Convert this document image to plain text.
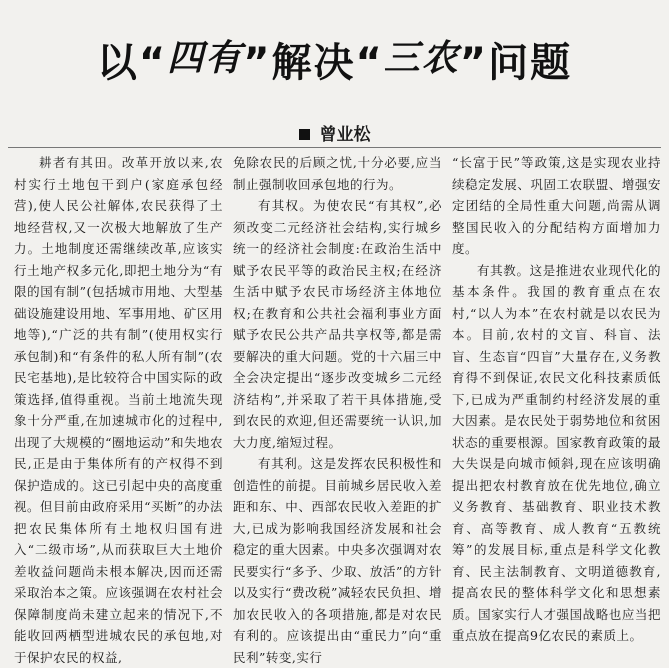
以“四有”解决“三农”问题
曾业松

耕者有其田。改革开放以来,农村实行土地包干到户(家庭承包经营),使人民公社解体,农民获得了土地经营权,又一次极大地解放了生产力。土地制度还需继续改革,应该实行土地产权多元化,即把土地分为“有限的国有制”(包括城市用地、大型基础设施建设用地、军事用地、矿区用地等),“广泛的共有制”(使用权实行承包制)和“有条件的私人所有制”(农民宅基地),是比较符合中国实际的政策选择,值得重视。当前土地流失现象十分严重,在加速城市化的过程中,出现了大规模的“圈地运动”和失地农民,正是由于集体所有的产权得不到保护造成的。这已引起中央的高度重视。但目前由政府采用“买断”的办法把农民集体所有土地权归国有进入“二级市场”,从而获取巨大土地价差收益问题尚未根本解决,因而还需采取治本之策。应该强调在农村社会保障制度尚未建立起来的情况下,不能收回两栖型进城农民的承包地,对于保护农民的权益,

免除农民的后顾之忧,十分必要,应当制止强制收回承包地的行为。

有其权。为使农民“有其权”,必须改变二元经济社会结构,实行城乡统一的经济社会制度:在政治生活中赋予农民平等的政治民主权;在经济生活中赋予农民市场经济主体地位权;在教育和公共社会福利事业方面赋予农民公共产品共享权等,都是需要解决的重大问题。党的十六届三中全会决定提出“逐步改变城乡二元经济结构”,并采取了若干具体措施,受到农民的欢迎,但还需要统一认识,加大力度,缩短过程。

有其利。这是发挥农民积极性和创造性的前提。目前城乡居民收入差距和东、中、西部农民收入差距的扩大,已成为影响我国经济发展和社会稳定的重大因素。中央多次强调对农民要实行“多予、少取、放活”的方针以及实行“费改税”减轻农民负担、增加农民收入的各项措施,都是对农民有利的。应该提出由“重民力”向“重民利”转变,实行

“长富于民”等政策,这是实现农业持续稳定发展、巩固工农联盟、增强安定团结的全局性重大问题,尚需从调整国民收入的分配结构方面增加力度。

有其教。这是推进农业现代化的基本条件。我国的教育重点在农村,“以人为本”在农村就是以农民为本。目前,农村的文盲、科盲、法盲、生态盲“四盲”大量存在,义务教育得不到保证,农民文化科技素质低下,已成为严重制约村经济发展的重大因素。是农民处于弱势地位和贫困状态的重要根源。国家教育政策的最大失误是向城市倾斜,现在应该明确提出把农村教育放在优先地位,确立义务教育、基础教育、职业技术教育、高等教育、成人教育“五教统筹”的发展目标,重点是科学文化教育、民主法制教育、文明道德教育,提高农民的整体科学文化和思想素质。国家实行人才强国战略也应当把重点放在提高9亿农民的素质上。
